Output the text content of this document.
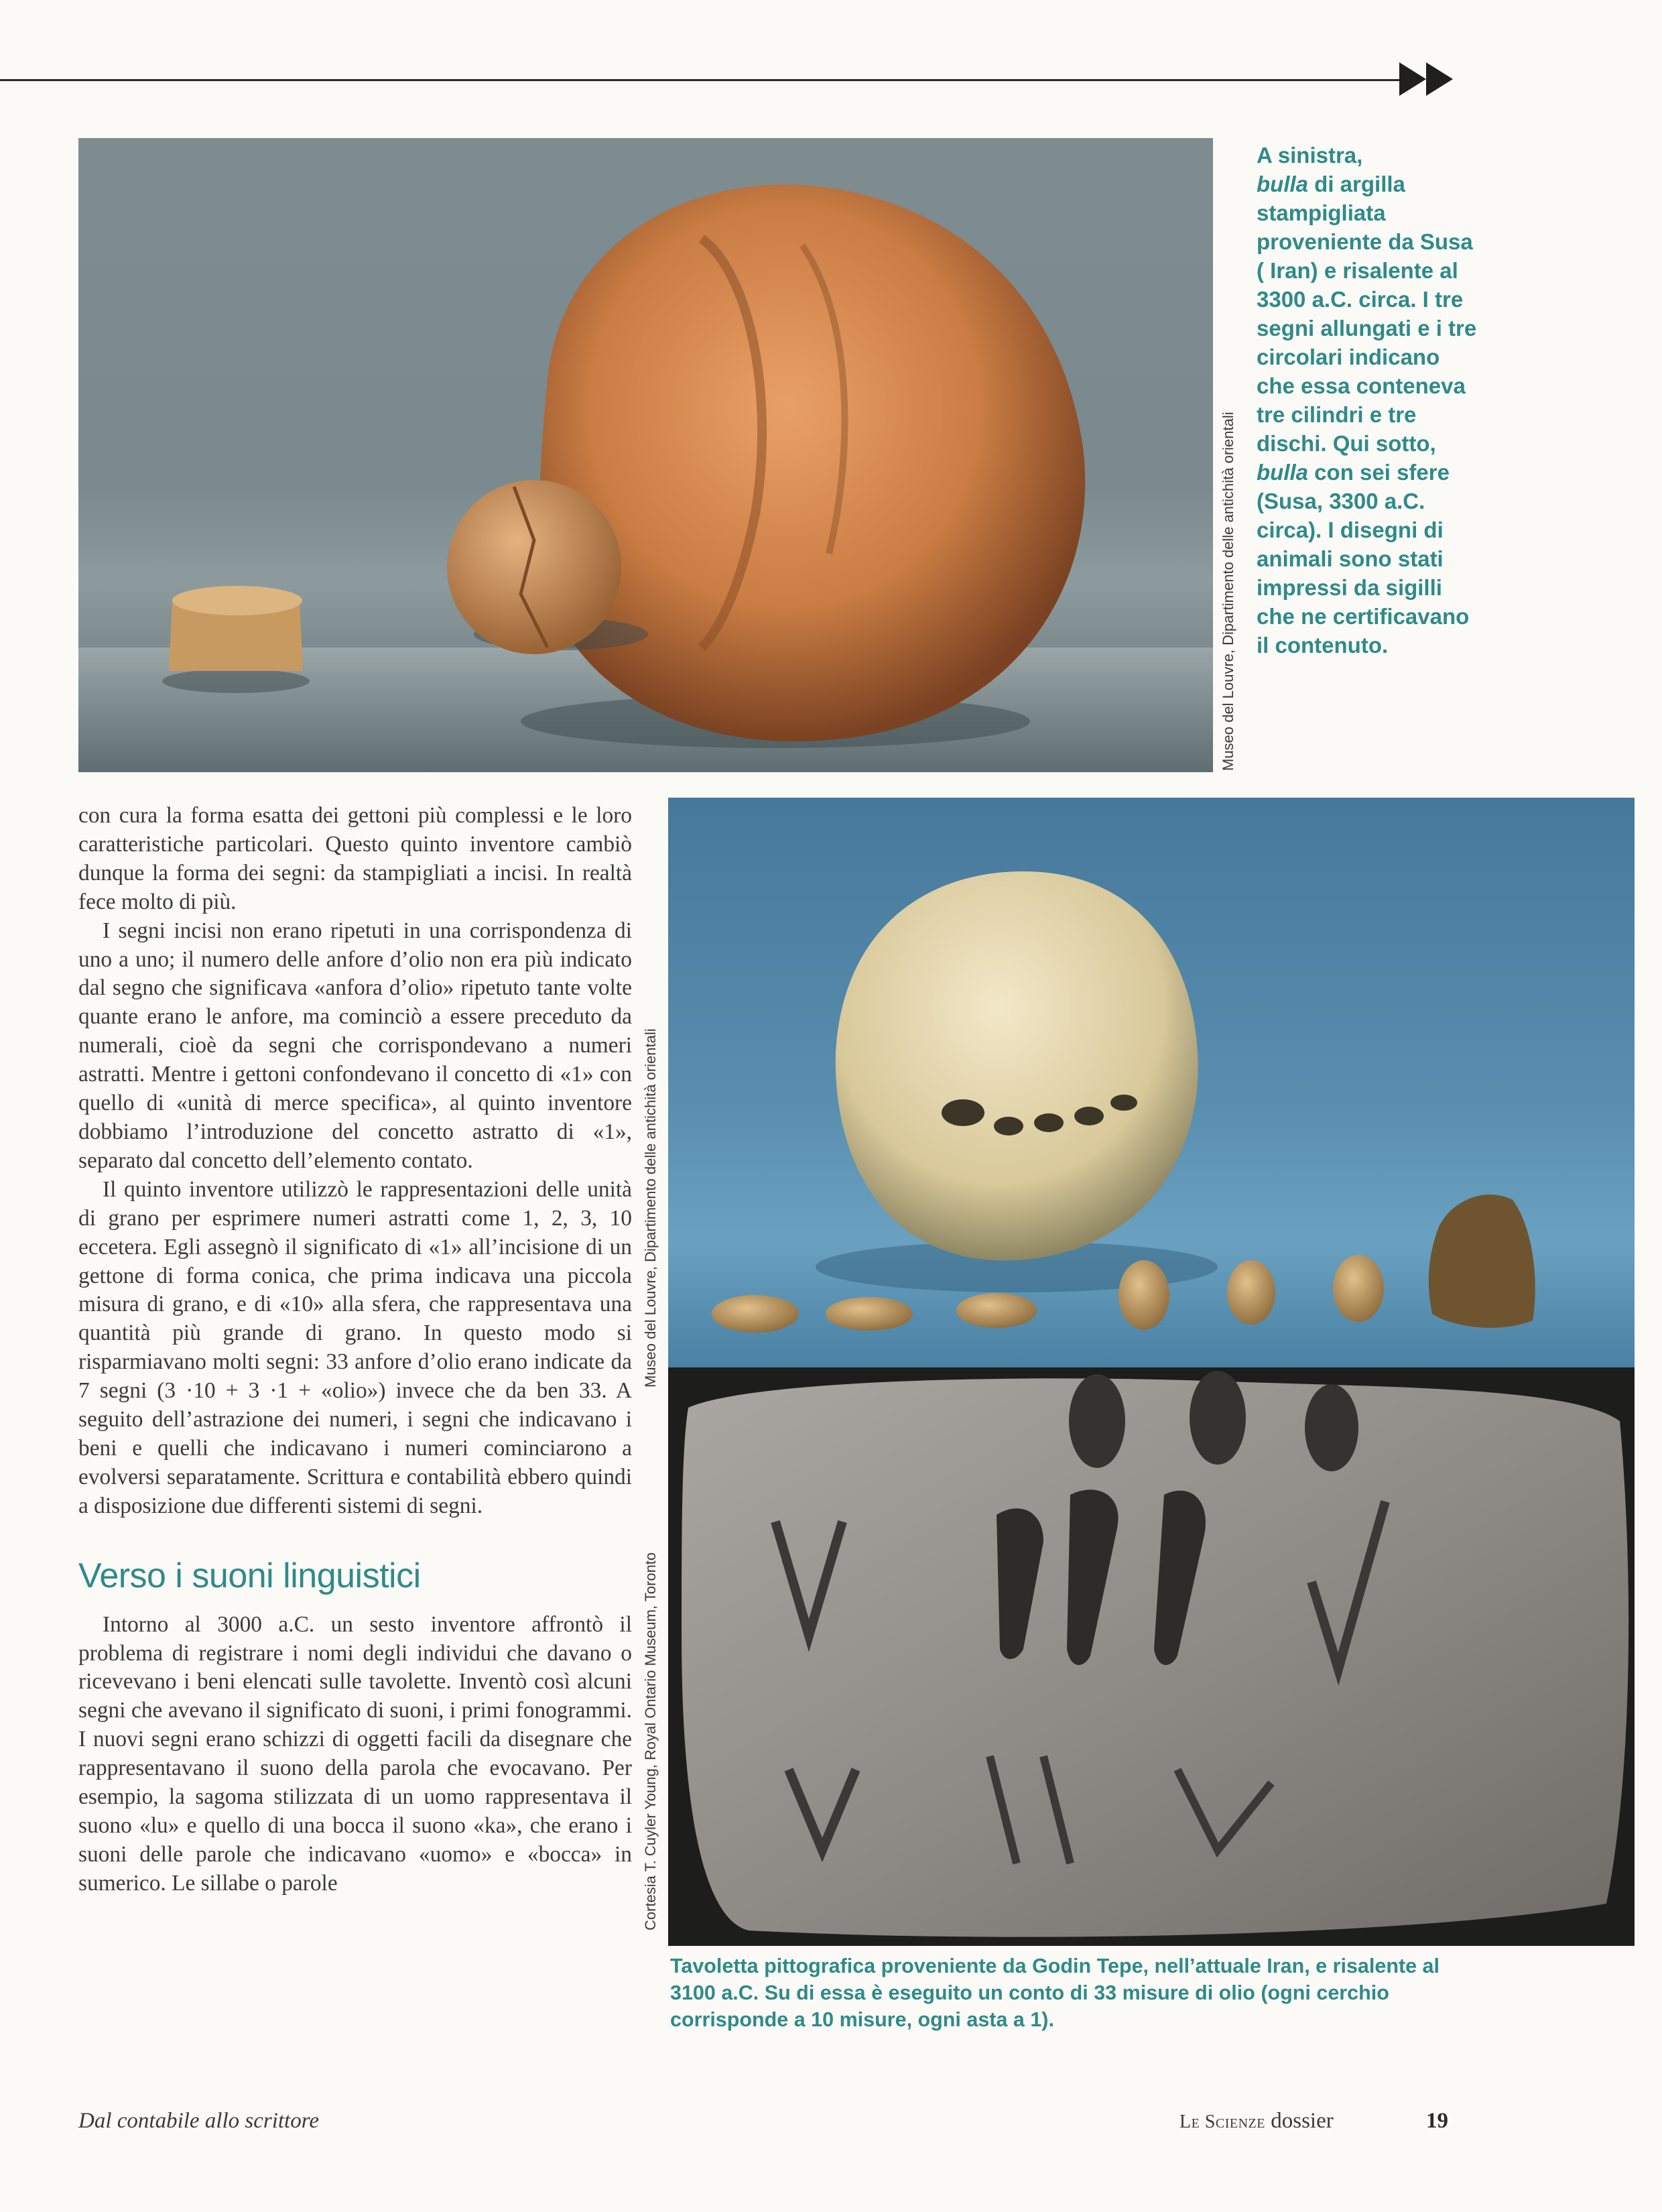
Museo del Louvre, Dipartimento delle antichità orientali

A sinistra,
bulla di argilla stampigliata proveniente da Susa ( Iran) e risalente al 3300 a.C. circa. I tre segni allungati e i tre circolari indicano che essa conteneva tre cilindri e tre dischi. Qui sotto, bulla con sei sfere (Susa, 3300 a.C. circa). I disegni di animali sono stati impressi da sigilli che ne certificavano il contenuto.

Museo del Louvre, Dipartimento delle antichità orientali
Cortesia T. Cuyler Young, Royal Ontario Museum, Toronto

con cura la forma esatta dei gettoni più complessi e le loro caratteristiche particolari. Questo quinto inventore cambiò dunque la forma dei segni: da stampigliati a incisi. In realtà fece molto di più.

I segni incisi non erano ripetuti in una corrispondenza di uno a uno; il numero delle anfore d’olio non era più indicato dal segno che significava «anfora d’olio» ripetuto tante volte quante erano le anfore, ma cominciò a essere preceduto da numerali, cioè da segni che corrispondevano a numeri astratti. Mentre i gettoni confondevano il concetto di «1» con quello di «unità di merce specifica», al quinto inventore dobbiamo l’introduzione del concetto astratto di «1», separato dal concetto dell’elemento contato.

Il quinto inventore utilizzò le rappresentazioni delle unità di grano per esprimere numeri astratti come 1, 2, 3, 10 eccetera. Egli assegnò il significato di «1» all’incisione di un gettone di forma conica, che prima indicava una piccola misura di grano, e di «10» alla sfera, che rappresentava una quantità più grande di grano. In questo modo si risparmiavano molti segni: 33 anfore d’olio erano indicate da 7 segni (3 ·10 + 3 ·1 + «olio») invece che da ben 33. A seguito dell’astrazione dei numeri, i segni che indicavano i beni e quelli che indicavano i numeri cominciarono a evolversi separatamente. Scrittura e contabilità ebbero quindi a disposizione due differenti sistemi di segni.

Verso i suoni linguistici

Intorno al 3000 a.C. un sesto inventore affrontò il problema di registrare i nomi degli individui che davano o ricevevano i beni elencati sulle tavolette. Inventò così alcuni segni che avevano il significato di suoni, i primi fonogrammi. I nuovi segni erano schizzi di oggetti facili da disegnare che rappresentavano il suono della parola che evocavano. Per esempio, la sagoma stilizzata di un uomo rappresentava il suono «lu» e quello di una bocca il suono «ka», che erano i suoni delle parole che indicavano «uomo» e «bocca» in sumerico. Le sillabe o parole

Tavoletta pittografica proveniente da Godin Tepe, nell’attuale Iran, e risalente al 3100 a.C. Su di essa è eseguito un conto di 33 misure di olio (ogni cerchio corrisponde a 10 misure, ogni asta a 1).
Dal contabile allo scrittore	Le Scienze dossier	19
